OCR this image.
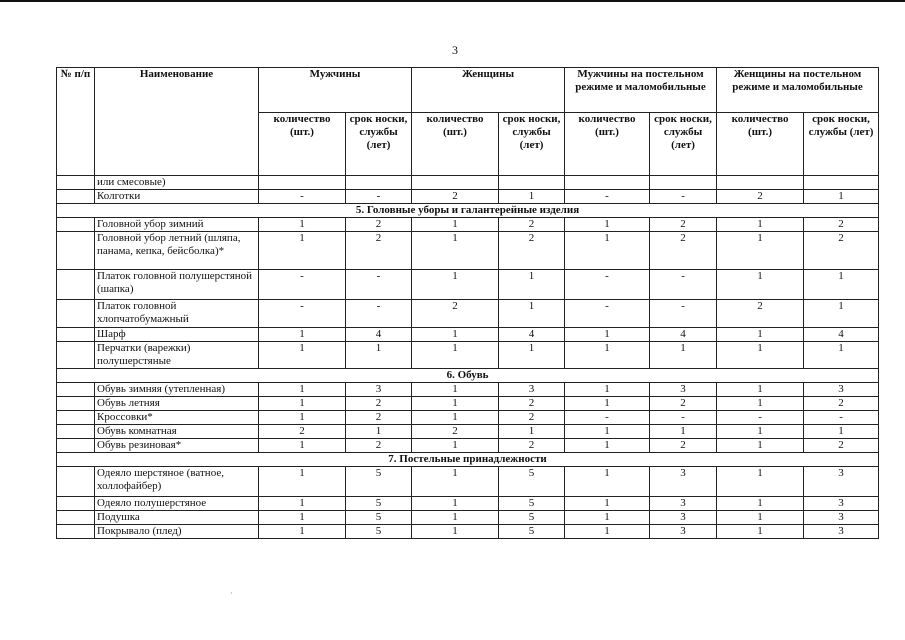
3
№ п/п	Наименование	Мужчины		Женщины		Мужчины на постельном режиме и маломобильные		Женщины на постельном режиме и маломобильные	
		количество (шт.)	срок носки, службы (лет)	количество (шт.)	срок носки, службы (лет)	количество (шт.)	срок носки, службы (лет)	количество (шт.)	срок носки, службы (лет)
	или смесовые)								
	Колготки	-	-	2	1	-	-	2	1
5. Головные уборы и галантерейные изделия									
	Головной убор зимний	1	2	1	2	1	2	1	2
	Головной убор летний (шляпа, панама, кепка, бейсболка)*	1	2	1	2	1	2	1	2
	Платок головной полушерстяной (шапка)	-	-	1	1	-	-	1	1
	Платок головной хлопчатобумажный	-	-	2	1	-	-	2	1
	Шарф	1	4	1	4	1	4	1	4
	Перчатки (варежки) полушерстяные	1	1	1	1	1	1	1	1
6. Обувь									
	Обувь зимняя (утепленная)	1	3	1	3	1	3	1	3
	Обувь летняя	1	2	1	2	1	2	1	2
	Кроссовки*	1	2	1	2	-	-	-	-
	Обувь комнатная	2	1	2	1	1	1	1	1
	Обувь резиновая*	1	2	1	2	1	2	1	2
7. Постельные принадлежности									
	Одеяло шерстяное (ватное, холлофайбер)	1	5	1	5	1	3	1	3
	Одеяло полушерстяное	1	5	1	5	1	3	1	3
	Подушка	1	5	1	5	1	3	1	3
	Покрывало (плед)	1	5	1	5	1	3	1	3
·
